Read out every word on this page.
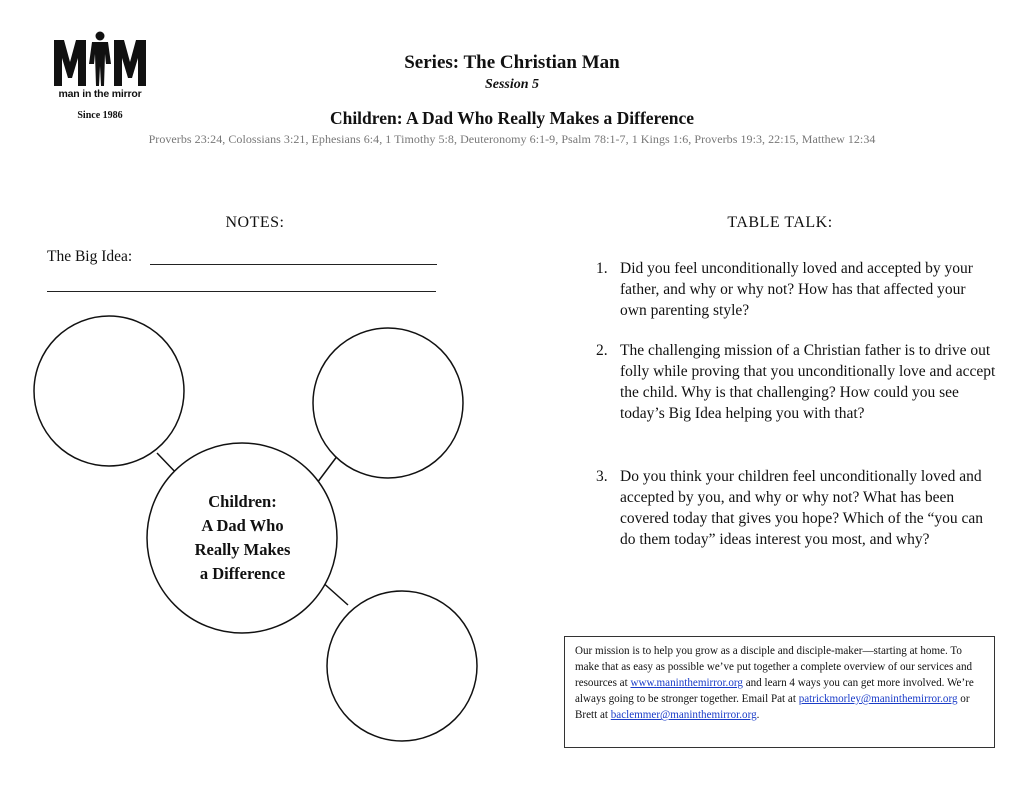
man in the mirror
Since 1986
Series: The Christian Man
Session 5
Children: A Dad Who Really Makes a Difference
Proverbs 23:24, Colossians 3:21, Ephesians 6:4, 1 Timothy 5:8, Deuteronomy 6:1-9, Psalm 78:1-7, 1 Kings 1:6, Proverbs 19:3, 22:15, Matthew 12:34
NOTES:
The Big Idea:
Children:
A Dad Who
Really Makes
a Difference
TABLE TALK:
1. Did you feel unconditionally loved and accepted by your father, and why or why not? How has that affected your own parenting style?
2. The challenging mission of a Christian father is to drive out folly while proving that you unconditionally love and accept the child. Why is that challenging? How could you see today’s Big Idea helping you with that?
3. Do you think your children feel unconditionally loved and accepted by you, and why or why not? What has been covered today that gives you hope? Which of the “you can do them today” ideas interest you most, and why?
Our mission is to help you grow as a disciple and disciple-maker—starting at home. To make that as easy as possible we’ve put together a complete overview of our services and resources at www.maninthemirror.org and learn 4 ways you can get more involved. We’re always going to be stronger together. Email Pat at patrickmorley@maninthemirror.org or Brett at baclemmer@maninthemirror.org.
